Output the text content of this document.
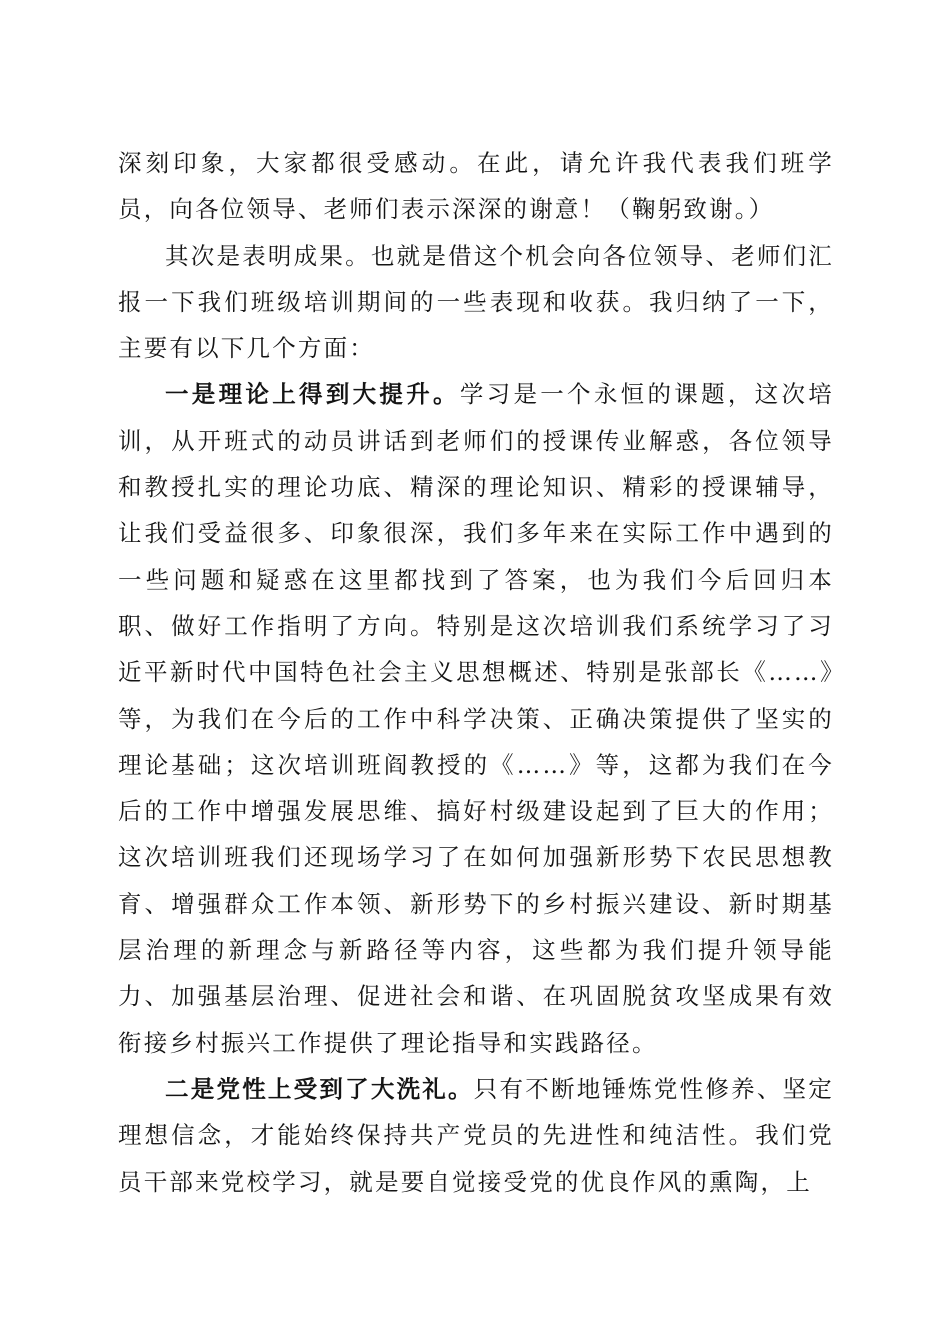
深刻印象，大家都很受感动。在此，请允许我代表我们班学员，向各位领导、老师们表示深深的谢意！（鞠躬致谢。）

其次是表明成果。也就是借这个机会向各位领导、老师们汇报一下我们班级培训期间的一些表现和收获。我归纳了一下，主要有以下几个方面：

一是理论上得到大提升。学习是一个永恒的课题，这次培训，从开班式的动员讲话到老师们的授课传业解惑，各位领导和教授扎实的理论功底、精深的理论知识、精彩的授课辅导，让我们受益很多、印象很深，我们多年来在实际工作中遇到的一些问题和疑惑在这里都找到了答案，也为我们今后回归本职、做好工作指明了方向。特别是这次培训我们系统学习了习近平新时代中国特色社会主义思想概述、特别是张部长《……》等，为我们在今后的工作中科学决策、正确决策提供了坚实的理论基础；这次培训班阎教授的《……》等，这都为我们在今后的工作中增强发展思维、搞好村级建设起到了巨大的作用；这次培训班我们还现场学习了在如何加强新形势下农民思想教育、增强群众工作本领、新形势下的乡村振兴建设、新时期基层治理的新理念与新路径等内容，这些都为我们提升领导能力、加强基层治理、促进社会和谐、在巩固脱贫攻坚成果有效衔接乡村振兴工作提供了理论指导和实践路径。

二是党性上受到了大洗礼。只有不断地锤炼党性修养、坚定理想信念，才能始终保持共产党员的先进性和纯洁性。我们党员干部来党校学习，就是要自觉接受党的优良作风的熏陶，上
